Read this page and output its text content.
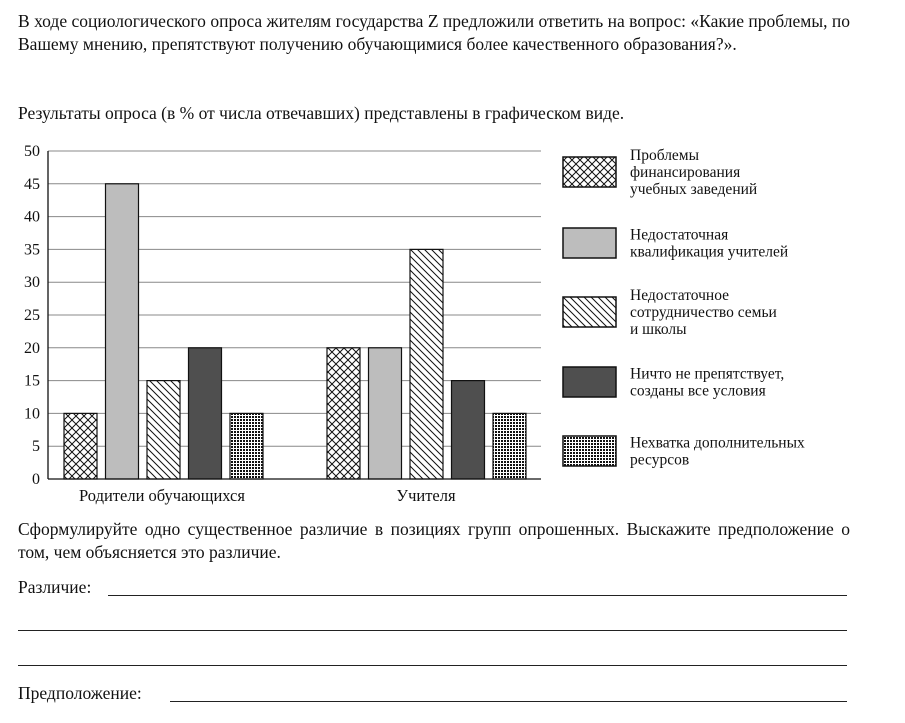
В ходе социологического опроса жителям государства Z предложили ответить на вопрос: «Какие проблемы, по Вашему мнению, препятствуют получению обучающимися более качественного образования?».

Результаты опроса (в % от числа отвечавших) представлены в графическом виде.

0
5
10
15
20
25
30
35
40
45
50
Родители обучающихся	Учителя
Проблемы
финансирования
учебных заведений
Недостаточная
квалификация учителей
Недостаточное
сотрудничество семьи
и школы
Ничто не препятствует,
созданы все условия
Нехватка дополнительных
ресурсов

Сформулируйте одно существенное различие в позициях групп опрошенных. Выскажите предположение о том, чем объясняется это различие.

Различие:
Предположение:
